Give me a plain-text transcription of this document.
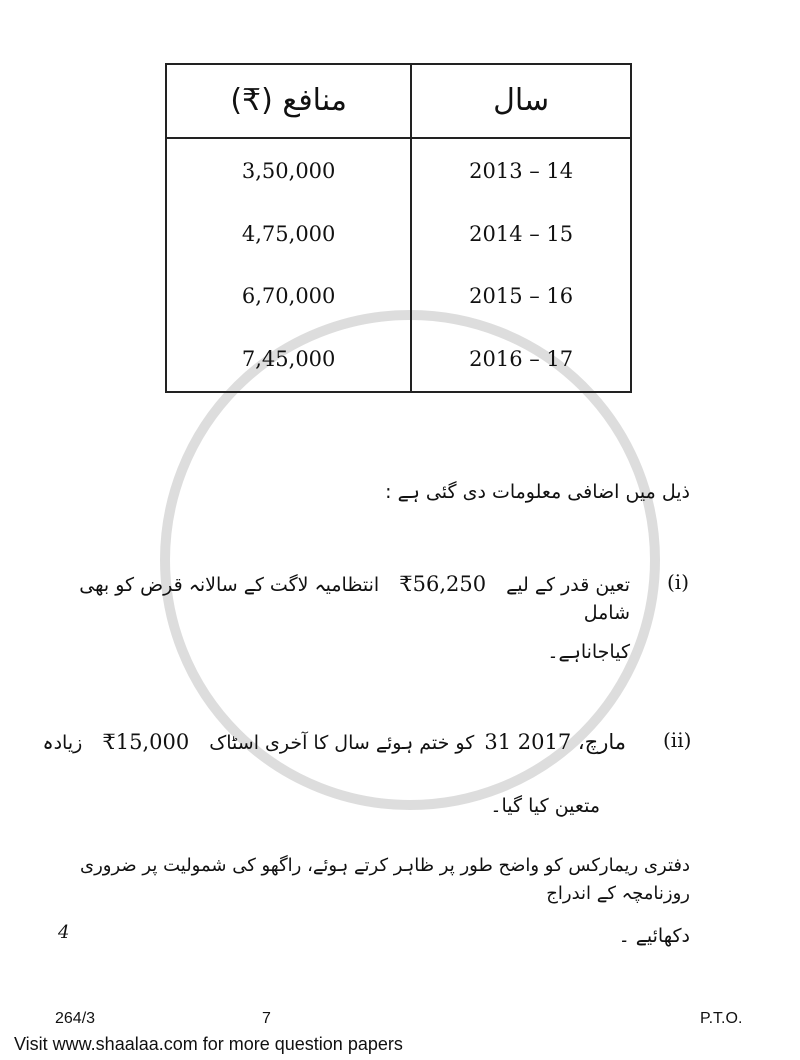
منافع (₹)	سال
3,50,000	2013 – 14
4,75,000	2014 – 15
6,70,000	2015 – 16
7,45,000	2016 – 17
ذیل میں اضافی معلومات دی گئی ہے :
(i)
تعین قدر کے لیے ₹56,250 انتظامیہ لاگت کے سالانہ قرض کو بھی شامل
کیاجاناہے۔
(ii)
31 مارچ، 2017 کو ختم ہوئے سال کا آخری اسٹاک ₹15,000 زیادہ
متعین کیا گیا۔
دفتری ریمارکس کو واضح طور پر ظاہر کرتے ہوئے، راگھو کی شمولیت پر ضروری روزنامچہ کے اندراج
دکھائیے ۔
4
264/3	7	P.T.O.
Visit www.shaalaa.com for more question papers
